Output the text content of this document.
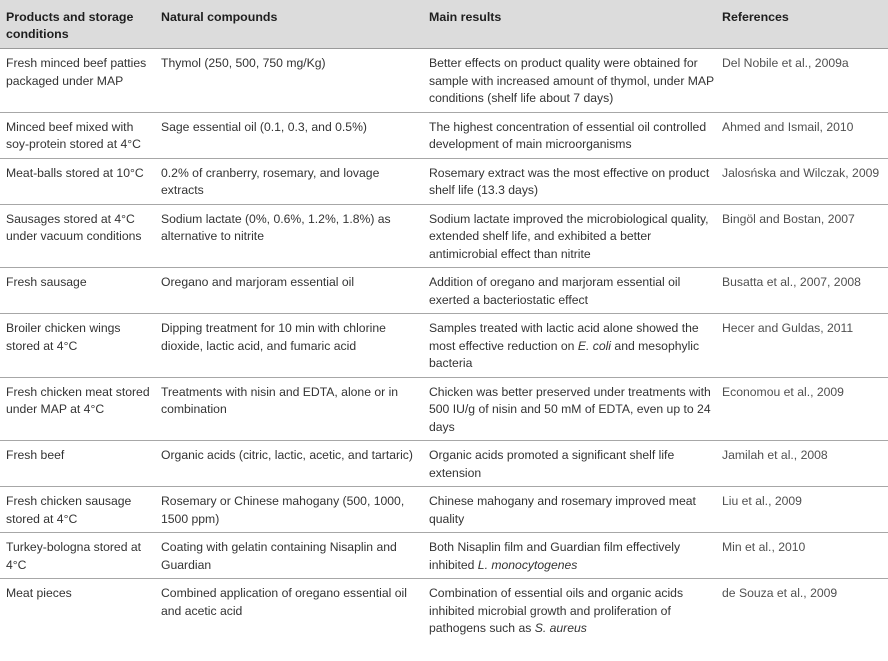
Products and storage conditions	Natural compounds	Main results	References
Fresh minced beef patties packaged under MAP	Thymol (250, 500, 750 mg/Kg)	Better effects on product quality were obtained for sample with increased amount of thymol, under MAP conditions (shelf life about 7 days)	Del Nobile et al., 2009a
Minced beef mixed with soy-protein stored at 4°C	Sage essential oil (0.1, 0.3, and 0.5%)	The highest concentration of essential oil controlled development of main microorganisms	Ahmed and Ismail, 2010
Meat-balls stored at 10°C	0.2% of cranberry, rosemary, and lovage extracts	Rosemary extract was the most effective on product shelf life (13.3 days)	Jalosńska and Wilczak, 2009
Sausages stored at 4°C under vacuum conditions	Sodium lactate (0%, 0.6%, 1.2%, 1.8%) as alternative to nitrite	Sodium lactate improved the microbiological quality, extended shelf life, and exhibited a better antimicrobial effect than nitrite	Bingöl and Bostan, 2007
Fresh sausage	Oregano and marjoram essential oil	Addition of oregano and marjoram essential oil exerted a bacteriostatic effect	Busatta et al., 2007, 2008
Broiler chicken wings stored at 4°C	Dipping treatment for 10 min with chlorine dioxide, lactic acid, and fumaric acid	Samples treated with lactic acid alone showed the most effective reduction on E. coli and mesophylic bacteria	Hecer and Guldas, 2011
Fresh chicken meat stored under MAP at 4°C	Treatments with nisin and EDTA, alone or in combination	Chicken was better preserved under treatments with 500 IU/g of nisin and 50 mM of EDTA, even up to 24 days	Economou et al., 2009
Fresh beef	Organic acids (citric, lactic, acetic, and tartaric)	Organic acids promoted a significant shelf life extension	Jamilah et al., 2008
Fresh chicken sausage stored at 4°C	Rosemary or Chinese mahogany (500, 1000, 1500 ppm)	Chinese mahogany and rosemary improved meat quality	Liu et al., 2009
Turkey-bologna stored at 4°C	Coating with gelatin containing Nisaplin and Guardian	Both Nisaplin film and Guardian film effectively inhibited L. monocytogenes	Min et al., 2010
Meat pieces	Combined application of oregano essential oil and acetic acid	Combination of essential oils and organic acids inhibited microbial growth and proliferation of pathogens such as S. aureus	de Souza et al., 2009
